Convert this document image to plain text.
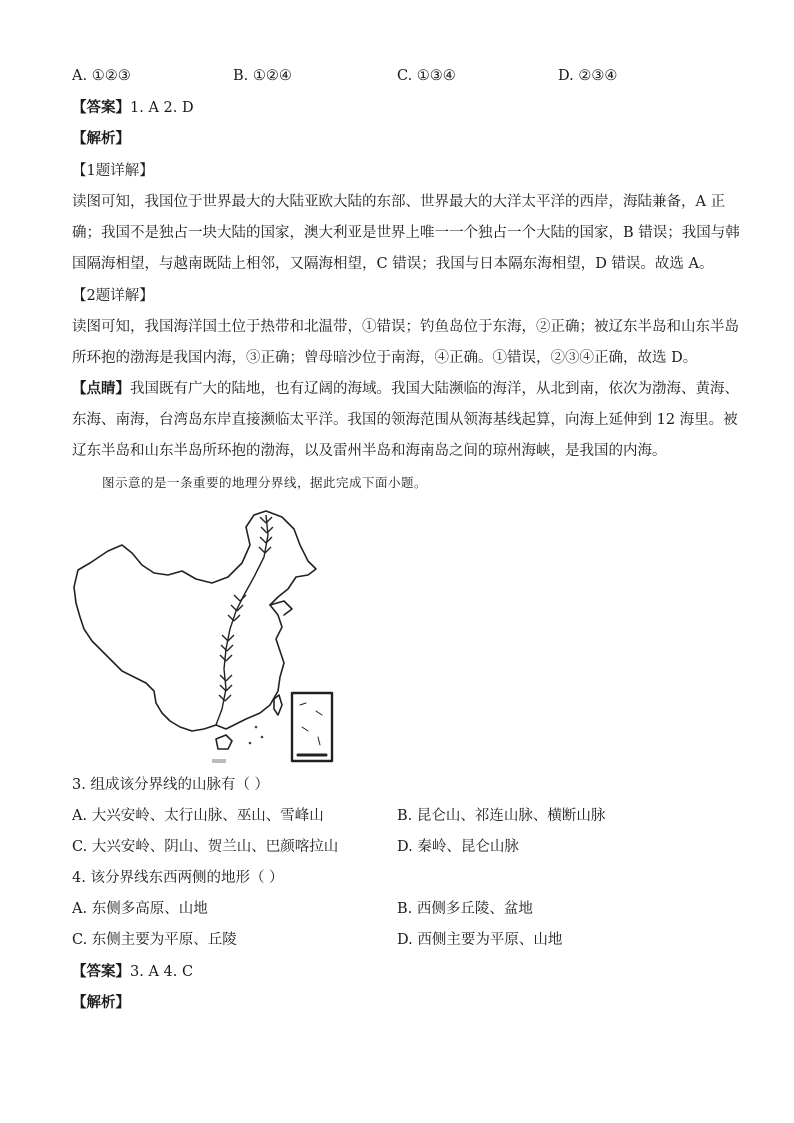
A. ①②③	B. ①②④	C. ①③④	D. ②③④
【答案】1. A 2. D
【解析】
【1题详解】
读图可知，我国位于世界最大的大陆亚欧大陆的东部、世界最大的大洋太平洋的西岸，海陆兼备，A 正
确；我国不是独占一块大陆的国家，澳大利亚是世界上唯一一个独占一个大陆的国家，B 错误；我国与韩
国隔海相望，与越南既陆上相邻，又隔海相望，C 错误；我国与日本隔东海相望，D 错误。故选 A。
【2题详解】
读图可知，我国海洋国土位于热带和北温带，①错误；钓鱼岛位于东海，②正确；被辽东半岛和山东半岛
所环抱的渤海是我国内海，③正确；曾母暗沙位于南海，④正确。①错误，②③④正确，故选 D。
【点睛】我国既有广大的陆地，也有辽阔的海域。我国大陆濒临的海洋，从北到南，依次为渤海、黄海、
东海、南海，台湾岛东岸直接濒临太平洋。我国的领海范围从领海基线起算，向海上延伸到 12 海里。被
辽东半岛和山东半岛所环抱的渤海，以及雷州半岛和海南岛之间的琼州海峡，是我国的内海。
图示意的是一条重要的地理分界线，据此完成下面小题。
3. 组成该分界线的山脉有（ ）
A. 大兴安岭、太行山脉、巫山、雪峰山	B. 昆仑山、祁连山脉、横断山脉
C. 大兴安岭、阴山、贺兰山、巴颜喀拉山	D. 秦岭、昆仑山脉
4. 该分界线东西两侧的地形（ ）
A. 东侧多高原、山地	B. 西侧多丘陵、盆地
C. 东侧主要为平原、丘陵	D. 西侧主要为平原、山地
【答案】3. A 4. C
【解析】
